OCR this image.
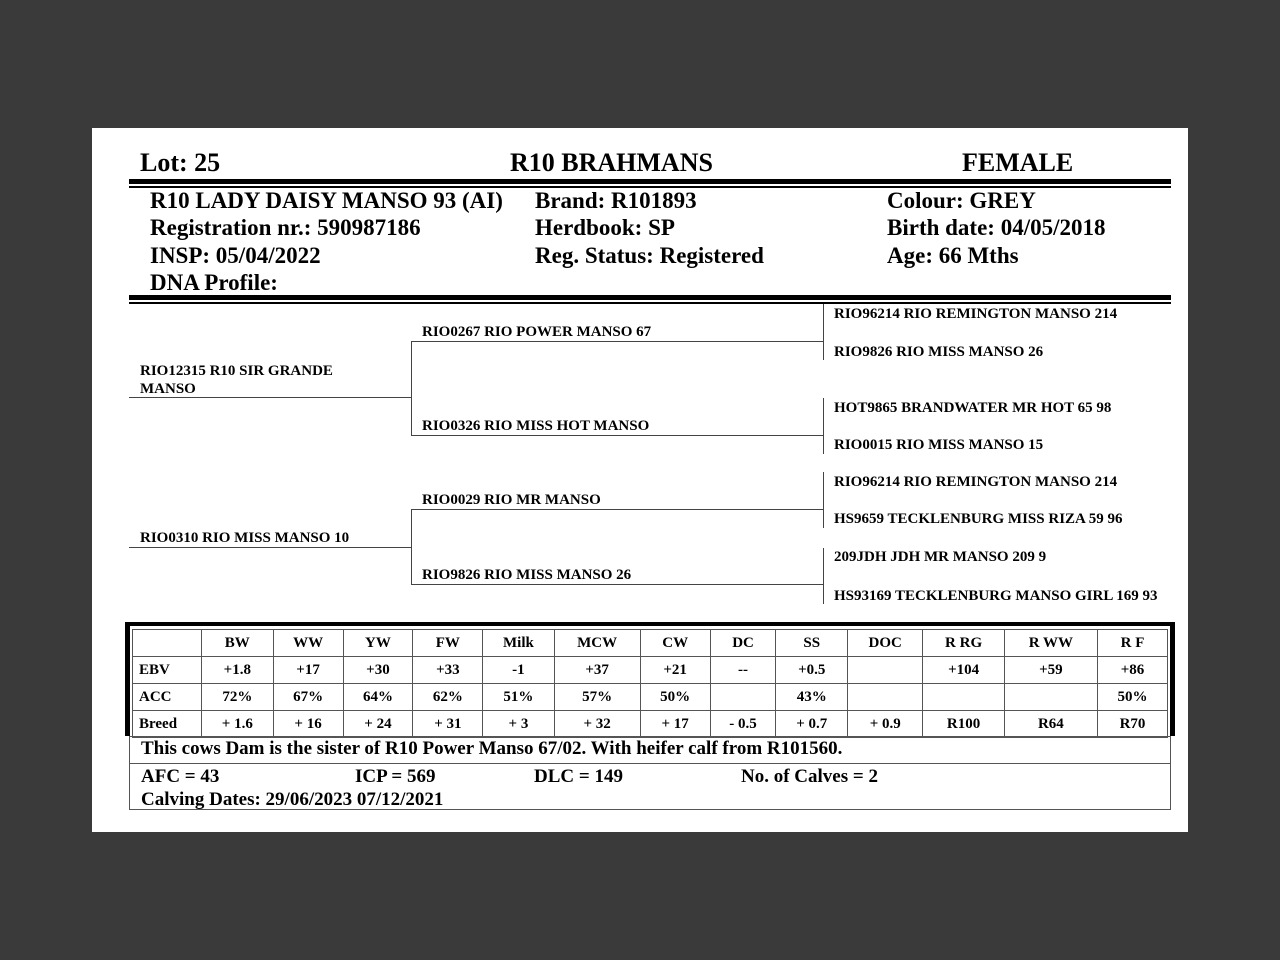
Lot: 25	R10 BRAHMANS	FEMALE
R10 LADY DAISY MANSO 93 (AI)
Registration nr.: 590987186
INSP: 05/04/2022
DNA Profile:
Brand: R101893
Herdbook: SP
Reg. Status: Registered
Colour: GREY
Birth date: 04/05/2018
Age: 66 Mths
RIO12315 R10 SIR GRANDE MANSO
RIO0310 RIO MISS MANSO 10
RIO0267 RIO POWER MANSO 67
RIO0326 RIO MISS HOT MANSO
RIO0029 RIO MR MANSO
RIO9826 RIO MISS MANSO 26
RIO96214 RIO REMINGTON MANSO 214
RIO9826 RIO MISS MANSO 26
HOT9865 BRANDWATER MR HOT 65 98
RIO0015 RIO MISS MANSO 15
RIO96214 RIO REMINGTON MANSO 214
HS9659 TECKLENBURG MISS RIZA 59 96
209JDH JDH MR MANSO 209 9
HS93169 TECKLENBURG MANSO GIRL 169 93
	BW	WW	YW	FW	Milk	MCW	CW	DC	SS	DOC	R RG	R WW	R F
EBV	+1.8	+17	+30	+33	-1	+37	+21	--	+0.5		+104	+59	+86
ACC	72%	67%	64%	62%	51%	57%	50%		43%				50%
Breed	+ 1.6	+ 16	+ 24	+ 31	+ 3	+ 32	+ 17	- 0.5	+ 0.7	+ 0.9	R100	R64	R70
This cows Dam is the sister of R10 Power Manso 67/02. With heifer calf from R101560.
AFC = 43	ICP = 569	DLC = 149	No. of Calves = 2
Calving Dates: 29/06/2023 07/12/2021
